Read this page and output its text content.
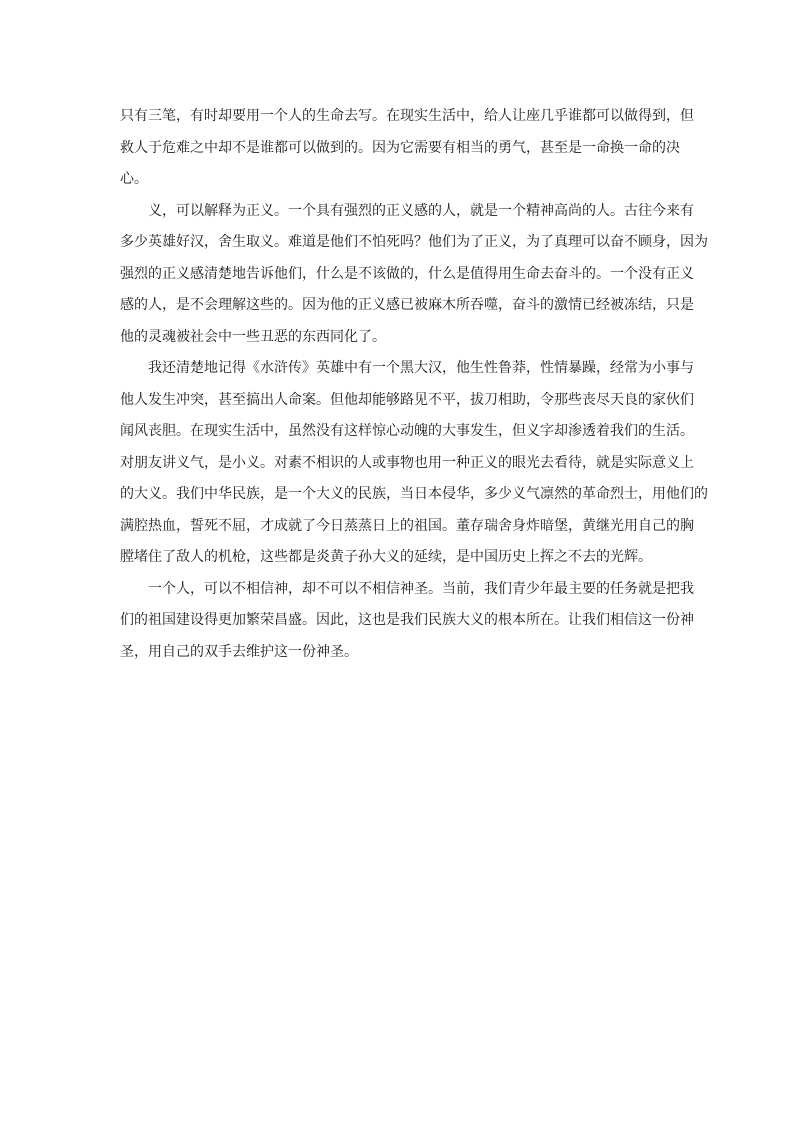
只有三笔，有时却要用一个人的生命去写。在现实生活中，给人让座几乎谁都可以做得到，但
救人于危难之中却不是谁都可以做到的。因为它需要有相当的勇气，甚至是一命换一命的决
心。
义，可以解释为正义。一个具有强烈的正义感的人，就是一个精神高尚的人。古往今来有
多少英雄好汉，舍生取义。难道是他们不怕死吗？他们为了正义，为了真理可以奋不顾身，因为
强烈的正义感清楚地告诉他们，什么是不该做的，什么是值得用生命去奋斗的。一个没有正义
感的人，是不会理解这些的。因为他的正义感已被麻木所吞噬，奋斗的激情已经被冻结，只是
他的灵魂被社会中一些丑恶的东西同化了。
我还清楚地记得《水浒传》英雄中有一个黑大汉，他生性鲁莽，性情暴躁，经常为小事与
他人发生冲突，甚至搞出人命案。但他却能够路见不平，拔刀相助，令那些丧尽天良的家伙们
闻风丧胆。在现实生活中，虽然没有这样惊心动魄的大事发生，但义字却渗透着我们的生活。
对朋友讲义气，是小义。对素不相识的人或事物也用一种正义的眼光去看待，就是实际意义上
的大义。我们中华民族，是一个大义的民族，当日本侵华，多少义气凛然的革命烈士，用他们的
满腔热血，誓死不屈，才成就了今日蒸蒸日上的祖国。董存瑞舍身炸暗堡，黄继光用自己的胸
膛堵住了敌人的机枪，这些都是炎黄子孙大义的延续，是中国历史上挥之不去的光辉。
一个人，可以不相信神，却不可以不相信神圣。当前，我们青少年最主要的任务就是把我
们的祖国建设得更加繁荣昌盛。因此，这也是我们民族大义的根本所在。让我们相信这一份神
圣，用自己的双手去维护这一份神圣。
